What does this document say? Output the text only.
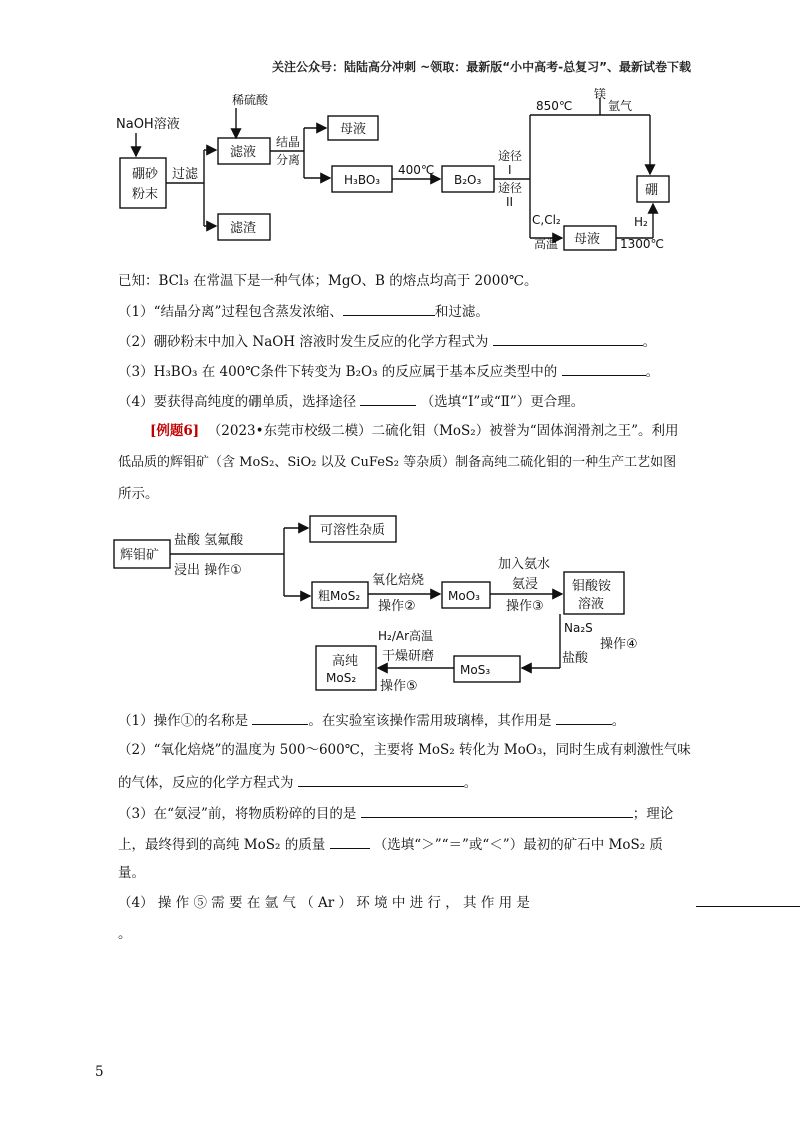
关注公众号：陆陆高分冲刺 ~领取：最新版“小中高考-总复习”、最新试卷下载
NaOH溶液
硼砂
粉末
过滤
稀硫酸
滤液
滤渣
结晶
分离
母液
H₃BO₃
400℃
B₂O₃
途径
I
途径
II
镁
850℃	氩气
硼
C,Cl₂
高温 母液
H₂
1300℃
已知：BCl₃ 在常温下是一种气体；MgO、B 的熔点均高于 2000℃。
（1）“结晶分离”过程包含蒸发浓缩、	和过滤。
（2）硼砂粉末中加入 NaOH 溶液时发生反应的化学方程式为	。
（3）H₃BO₃ 在 400℃条件下转变为 B₂O₃ 的反应属于基本反应类型中的	。
（4）要获得高纯度的硼单质，选择途径	（选填“Ⅰ”或“Ⅱ”）更合理。
[例题6] （2023•东莞市校级二模）二硫化钼（MoS₂）被誉为“固体润滑剂之王”。利用
低品质的辉钼矿（含 MoS₂、SiO₂ 以及 CuFeS₂ 等杂质）制备高纯二硫化钼的一种生产工艺如图
所示。
辉钼矿
盐酸 氢氟酸
浸出 操作①
可溶性杂质
粗MoS₂
氧化焙烧
操作②
MoO₃
加入氨水
氨浸
操作③
钼酸铵
溶液
Na₂S
操作④
盐酸
MoS₃
H₂/Ar高温
干燥研磨
操作⑤
高纯
MoS₂
（1）操作①的名称是	。在实验室该操作需用玻璃棒，其作用是	。
（2）“氧化焙烧”的温度为 500～600℃，主要将 MoS₂ 转化为 MoO₃，同时生成有刺激性气味
的气体，反应的化学方程式为	。
（3）在“氨浸”前，将物质粉碎的目的是	；理论
上，最终得到的高纯 MoS₂ 的质量	（选填“＞”“＝”或“＜”）最初的矿石中 MoS₂ 质
量。
（4） 操 作 ⑤ 需 要 在 氩 气 （ Ar ） 环 境 中 进 行 ， 其 作 用 是
。
5
